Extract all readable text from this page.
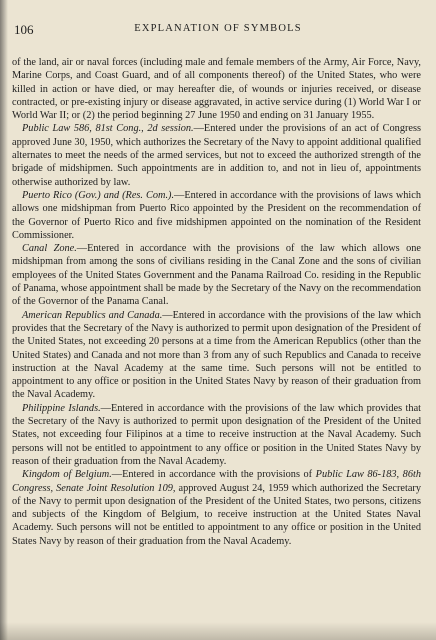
106	EXPLANATION OF SYMBOLS

of the land, air or naval forces (including male and female members of the Army, Air Force, Navy, Marine Corps, and Coast Guard, and of all components thereof) of the United States, who were killed in action or have died, or may hereafter die, of wounds or injuries received, or disease contracted, or pre-existing injury or disease aggravated, in active service during (1) World War I or World War II; or (2) the period beginning 27 June 1950 and ending on 31 January 1955.

Public Law 586, 81st Cong., 2d session.—Entered under the provisions of an act of Congress approved June 30, 1950, which authorizes the Secretary of the Navy to appoint additional qualified alternates to meet the needs of the armed services, but not to exceed the authorized strength of the brigade of midshipmen. Such appointments are in addition to, and not in lieu of, appointments otherwise authorized by law.

Puerto Rico (Gov.) and (Res. Com.).—Entered in accordance with the provisions of laws which allows one midshipman from Puerto Rico appointed by the President on the recommendation of the Governor of Puerto Rico and five midshipmen appointed on the nomination of the Resident Commissioner.

Canal Zone.—Entered in accordance with the provisions of the law which allows one midshipman from among the sons of civilians residing in the Canal Zone and the sons of civilian employees of the United States Government and the Panama Railroad Co. residing in the Republic of Panama, whose appointment shall be made by the Secretary of the Navy on the recommendation of the Governor of the Panama Canal.

American Republics and Canada.—Entered in accordance with the provisions of the law which provides that the Secretary of the Navy is authorized to permit upon designation of the President of the United States, not exceeding 20 persons at a time from the American Republics (other than the United States) and Canada and not more than 3 from any of such Republics and Canada to receive instruction at the Naval Academy at the same time. Such persons will not be entitled to appointment to any office or position in the United States Navy by reason of their graduation from the Naval Academy.

Philippine Islands.—Entered in accordance with the provisions of the law which provides that the Secretary of the Navy is authorized to permit upon designation of the President of the United States, not exceeding four Filipinos at a time to receive instruction at the Naval Academy. Such persons will not be entitled to appointment to any office or position in the United States Navy by reason of their graduation from the Naval Academy.

Kingdom of Belgium.—Entered in accordance with the provisions of Public Law 86-183, 86th Congress, Senate Joint Resolution 109, approved August 24, 1959 which authorized the Secretary of the Navy to permit upon designation of the President of the United States, two persons, citizens and subjects of the Kingdom of Belgium, to receive instruction at the United States Naval Academy. Such persons will not be entitled to appointment to any office or position in the United States Navy by reason of their graduation from the Naval Academy.
